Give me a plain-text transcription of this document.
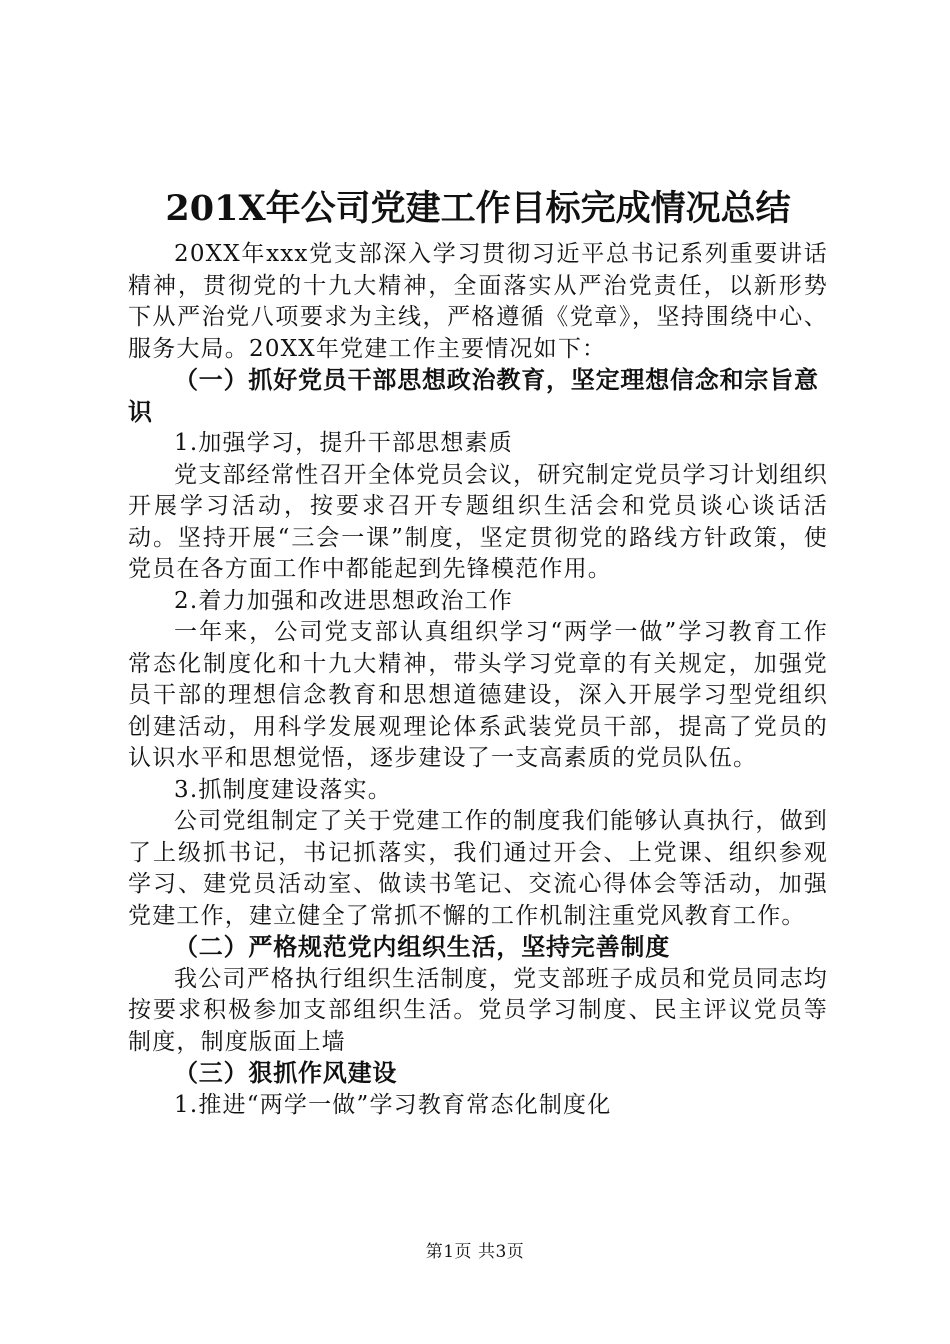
201X年公司党建工作目标完成情况总结

20XX年xxx党支部深入学习贯彻习近平总书记系列重要讲话精神，贯彻党的十九大精神，全面落实从严治党责任，以新形势下从严治党八项要求为主线，严格遵循《党章》，坚持围绕中心、服务大局。20XX年党建工作主要情况如下：

（一）抓好党员干部思想政治教育，坚定理想信念和宗旨意识

1.加强学习，提升干部思想素质

党支部经常性召开全体党员会议，研究制定党员学习计划组织开展学习活动，按要求召开专题组织生活会和党员谈心谈话活动。坚持开展“三会一课”制度，坚定贯彻党的路线方针政策，使党员在各方面工作中都能起到先锋模范作用。

2.着力加强和改进思想政治工作

一年来，公司党支部认真组织学习“两学一做”学习教育工作常态化制度化和十九大精神，带头学习党章的有关规定，加强党员干部的理想信念教育和思想道德建设，深入开展学习型党组织创建活动，用科学发展观理论体系武装党员干部，提高了党员的认识水平和思想觉悟，逐步建设了一支高素质的党员队伍。

3.抓制度建设落实。

公司党组制定了关于党建工作的制度我们能够认真执行，做到了上级抓书记，书记抓落实，我们通过开会、上党课、组织参观学习、建党员活动室、做读书笔记、交流心得体会等活动，加强党建工作，建立健全了常抓不懈的工作机制注重党风教育工作。

（二）严格规范党内组织生活，坚持完善制度

我公司严格执行组织生活制度，党支部班子成员和党员同志均按要求积极参加支部组织生活。党员学习制度、民主评议党员等制度，制度版面上墙

（三）狠抓作风建设

1.推进“两学一做”学习教育常态化制度化

第1页 共3页
